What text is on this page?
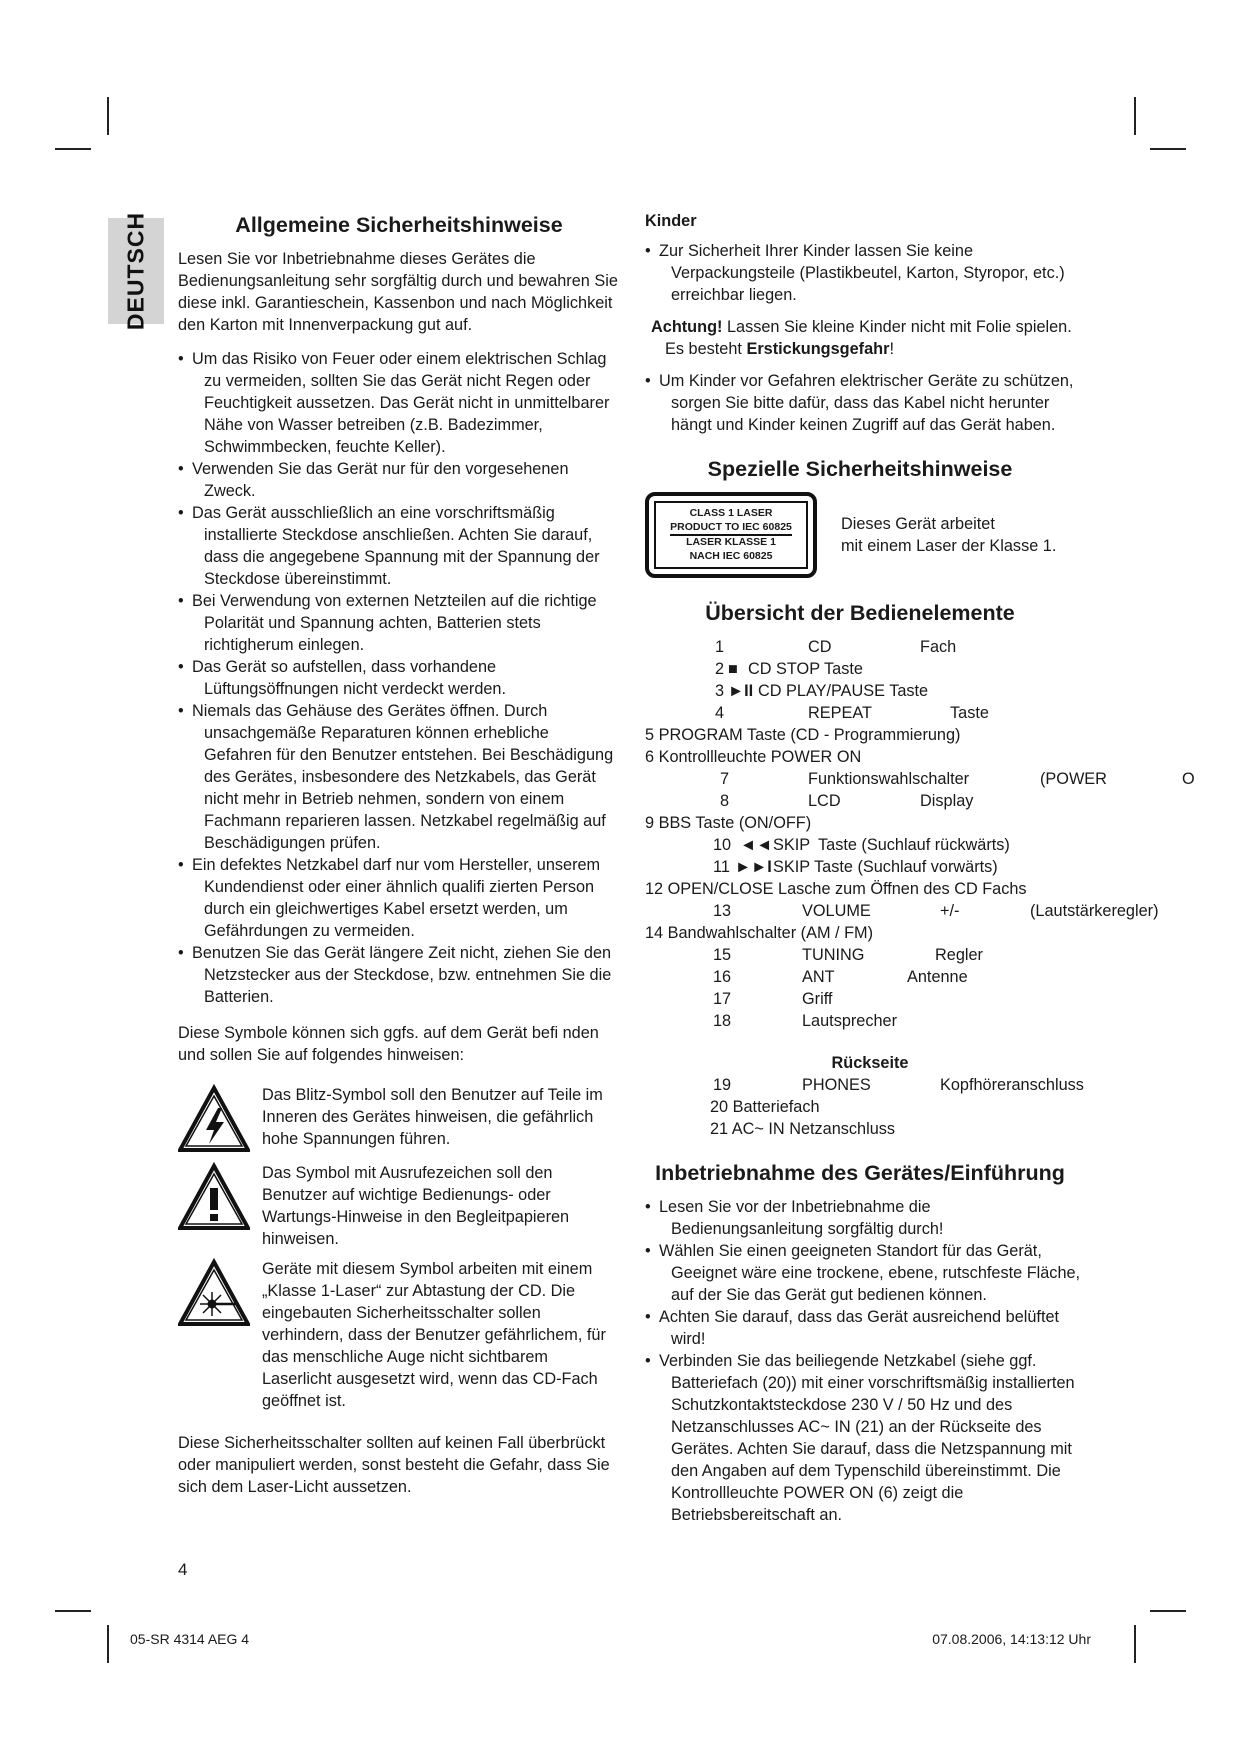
DEUTSCH	Allgemeine Sicherheitshinweise

Lesen Sie vor Inbetriebnahme dieses Gerätes die Bedienungsanleitung sehr sorgfältig durch und bewahren Sie diese inkl. Garantieschein, Kassenbon und nach Möglichkeit den Karton mit Innenverpackung gut auf.

• Um das Risiko von Feuer oder einem elektrischen Schlag zu vermeiden, sollten Sie das Gerät nicht Regen oder Feuchtigkeit aussetzen. Das Gerät nicht in unmittelbarer Nähe von Wasser betreiben (z.B. Badezimmer, Schwimmbecken, feuchte Keller).
• Verwenden Sie das Gerät nur für den vorgesehenen Zweck.
• Das Gerät ausschließlich an eine vorschriftsmäßig installierte Steckdose anschließen. Achten Sie darauf, dass die angegebene Spannung mit der Spannung der Steckdose übereinstimmt.
• Bei Verwendung von externen Netzteilen auf die richtige Polarität und Spannung achten, Batterien stets richtigherum einlegen.
• Das Gerät so aufstellen, dass vorhandene Lüftungsöffnungen nicht verdeckt werden.
• Niemals das Gehäuse des Gerätes öffnen. Durch unsachgemäße Reparaturen können erhebliche Gefahren für den Benutzer entstehen. Bei Beschädigung des Gerätes, insbesondere des Netzkabels, das Gerät nicht mehr in Betrieb nehmen, sondern von einem Fachmann reparieren lassen. Netzkabel regelmäßig auf Beschädigungen prüfen.
• Ein defektes Netzkabel darf nur vom Hersteller, unserem Kundendienst oder einer ähnlich qualifi zierten Person durch ein gleichwertiges Kabel ersetzt werden, um Gefährdungen zu vermeiden.
• Benutzen Sie das Gerät längere Zeit nicht, ziehen Sie den Netzstecker aus der Steckdose, bzw. entnehmen Sie die Batterien.

Diese Symbole können sich ggfs. auf dem Gerät befi nden und sollen Sie auf folgendes hinweisen:

Das Blitz-Symbol soll den Benutzer auf Teile im Inneren des Gerätes hinweisen, die gefährlich hohe Spannungen führen.

Das Symbol mit Ausrufezeichen soll den Benutzer auf wichtige Bedienungs- oder Wartungs-Hinweise in den Begleitpapieren hinweisen.

Geräte mit diesem Symbol arbeiten mit einem „Klasse 1-Laser“ zur Abtastung der CD. Die eingebauten Sicherheitsschalter sollen verhindern, dass der Benutzer gefährlichem, für das menschliche Auge nicht sichtbarem Laserlicht ausgesetzt wird, wenn das CD-Fach geöffnet ist.

Diese Sicherheitsschalter sollten auf keinen Fall überbrückt oder manipuliert werden, sonst besteht die Gefahr, dass Sie sich dem Laser-Licht aussetzen.

Kinder

• Zur Sicherheit Ihrer Kinder lassen Sie keine Verpackungsteile (Plastikbeutel, Karton, Styropor, etc.) erreichbar liegen.

Achtung! Lassen Sie kleine Kinder nicht mit Folie spielen.

Es besteht Erstickungsgefahr!

• Um Kinder vor Gefahren elektrischer Geräte zu schützen, sorgen Sie bitte dafür, dass das Kabel nicht herunter hängt und Kinder keinen Zugriff auf das Gerät haben.
Spezielle Sicherheitshinweise
CLASS 1 LASER
PRODUCT TO IEC 60825
LASER KLASSE 1
NACH IEC 60825

Dieses Gerät arbeitet

mit einem Laser der Klasse 1.

Übersicht der Bedienelemente
1	CD	Fach
2 ■ CD STOP Taste
3 ►II CD PLAY/PAUSE Taste
4	REPEAT	Taste
5 PROGRAM Taste (CD - Programmierung)
6 Kontrollleuchte POWER ON
7	Funktionswahlschalter	(POWER	O
8	LCD	Display
9 BBS Taste (ON/OFF)
10 ◄◄ SKIP Taste (Suchlauf rückwärts)
11 ►►I SKIP Taste (Suchlauf vorwärts)
12 OPEN/CLOSE Lasche zum Öffnen des CD Fachs
13	VOLUME	+/-	(Lautstärkeregler)
14 Bandwahlschalter (AM / FM)
15	TUNING	Regler
16	ANT	Antenne
17	Griff
18	Lautsprecher

Rückseite

19	PHONES	Kopfhöreranschluss
20 Batteriefach
21 AC~ IN Netzanschluss
Inbetriebnahme des Gerätes/Einführung
• Lesen Sie vor der Inbetriebnahme die Bedienungsanleitung sorgfältig durch!
• Wählen Sie einen geeigneten Standort für das Gerät, Geeignet wäre eine trockene, ebene, rutschfeste Fläche, auf der Sie das Gerät gut bedienen können.
• Achten Sie darauf, dass das Gerät ausreichend belüftet wird!
• Verbinden Sie das beiliegende Netzkabel (siehe ggf. Batteriefach (20)) mit einer vorschriftsmäßig installierten Schutzkontaktsteckdose 230 V / 50 Hz und des Netzanschlusses AC~ IN (21) an der Rückseite des Gerätes. Achten Sie darauf, dass die Netzspannung mit den Angaben auf dem Typenschild übereinstimmt. Die Kontrollleuchte POWER ON (6) zeigt die Betriebsbereitschaft an.
4
05-SR 4314 AEG 4	07.08.2006, 14:13:12 Uhr
